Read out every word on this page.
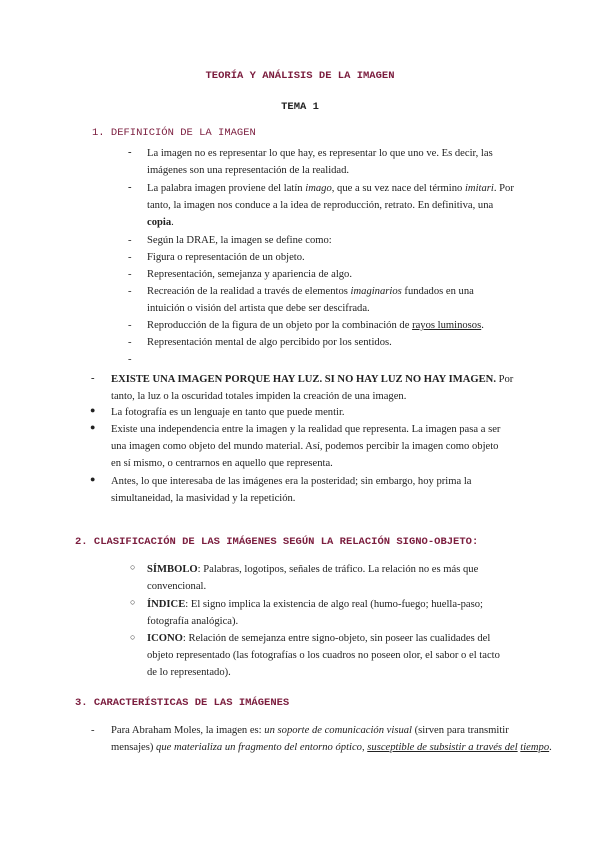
TEORÍA Y ANÁLISIS DE LA IMAGEN
TEMA 1
1. DEFINICIÓN DE LA IMAGEN
- La imagen no es representar lo que hay, es representar lo que uno ve. Es decir, las
imágenes son una representación de la realidad.
- La palabra imagen proviene del latín imago, que a su vez nace del término imitari. Por
tanto, la imagen nos conduce a la idea de reproducción, retrato. En definitiva, una
copia.
- Según la DRAE, la imagen se define como:
- Figura o representación de un objeto.
- Representación, semejanza y apariencia de algo.
- Recreación de la realidad a través de elementos imaginarios fundados en una
intuición o visión del artista que debe ser descifrada.
- Reproducción de la figura de un objeto por la combinación de rayos luminosos.
- Representación mental de algo percibido por los sentidos.
-
- EXISTE UNA IMAGEN PORQUE HAY LUZ. SI NO HAY LUZ NO HAY IMAGEN. Por
tanto, la luz o la oscuridad totales impiden la creación de una imagen.
● La fotografía es un lenguaje en tanto que puede mentir.
● Existe una independencia entre la imagen y la realidad que representa. La imagen pasa a ser
una imagen como objeto del mundo material. Así, podemos percibir la imagen como objeto
en sí mismo, o centrarnos en aquello que representa.
● Antes, lo que interesaba de las imágenes era la posteridad; sin embargo, hoy prima la
simultaneidad, la masividad y la repetición.
2. CLASIFICACIÓN DE LAS IMÁGENES SEGÚN LA RELACIÓN SIGNO-OBJETO:
○ SÍMBOLO: Palabras, logotipos, señales de tráfico. La relación no es más que
convencional.
○ ÍNDICE: El signo implica la existencia de algo real (humo-fuego; huella-paso;
fotografía analógica).
○ ICONO: Relación de semejanza entre signo-objeto, sin poseer las cualidades del
objeto representado (las fotografías o los cuadros no poseen olor, el sabor o el tacto
de lo representado).
3. CARACTERÍSTICAS DE LAS IMÁGENES
- Para Abraham Moles, la imagen es: un soporte de comunicación visual (sirven para transmitir
mensajes) que materializa un fragmento del entorno óptico, susceptible de subsistir a través del tiempo.
